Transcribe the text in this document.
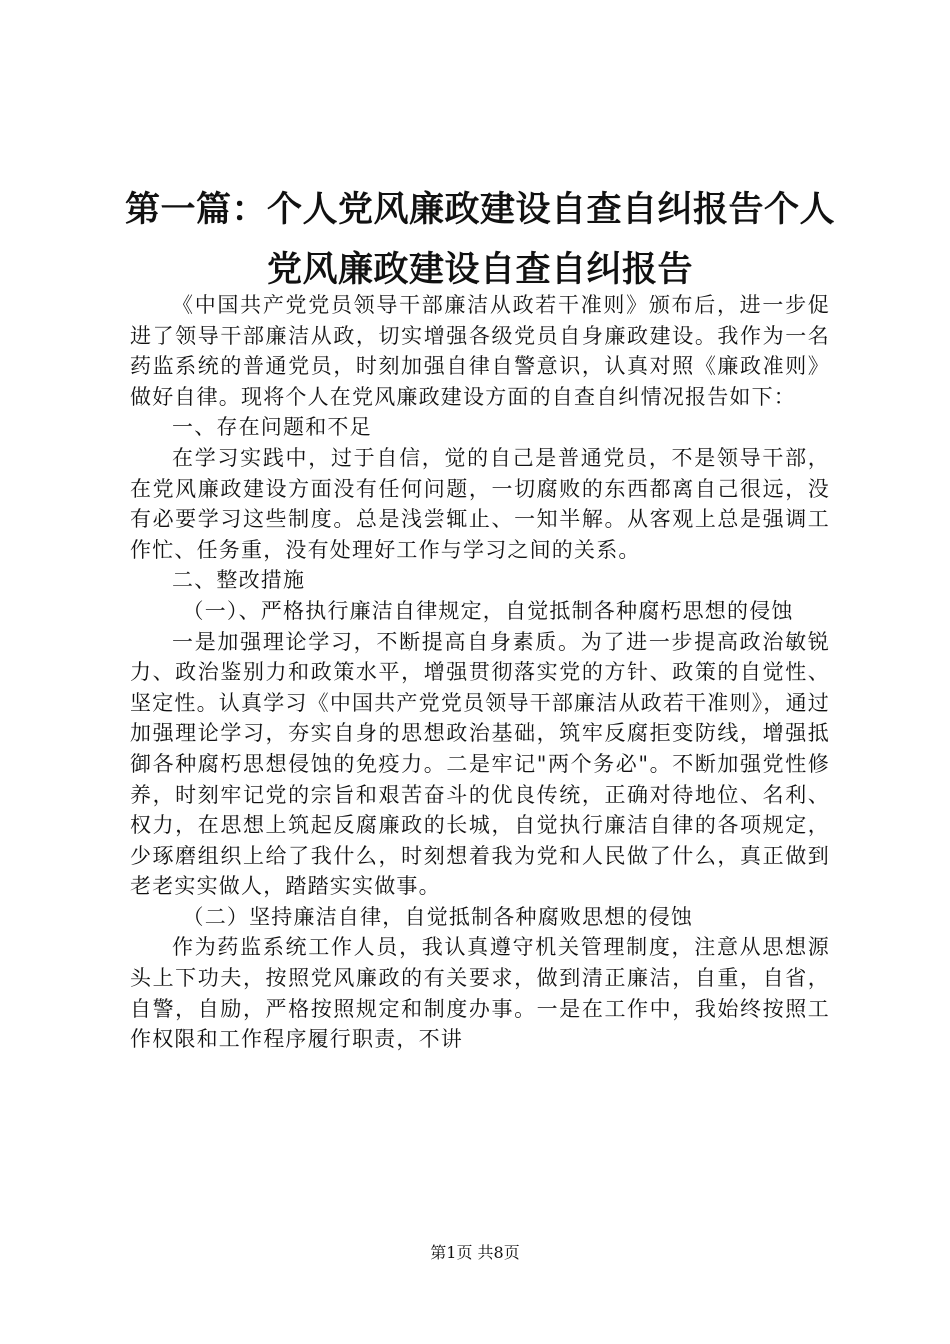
第一篇：个人党风廉政建设自查自纠报告个人党风廉政建设自查自纠报告

《中国共产党党员领导干部廉洁从政若干准则》颁布后，进一步促进了领导干部廉洁从政，切实增强各级党员自身廉政建设。我作为一名药监系统的普通党员，时刻加强自律自警意识，认真对照《廉政准则》做好自律。现将个人在党风廉政建设方面的自查自纠情况报告如下：

一、存在问题和不足

在学习实践中，过于自信，觉的自己是普通党员，不是领导干部，在党风廉政建设方面没有任何问题，一切腐败的东西都离自己很远，没有必要学习这些制度。总是浅尝辄止、一知半解。从客观上总是强调工作忙、任务重，没有处理好工作与学习之间的关系。

二、整改措施

（一）、严格执行廉洁自律规定，自觉抵制各种腐朽思想的侵蚀

一是加强理论学习，不断提高自身素质。为了进一步提高政治敏锐力、政治鉴别力和政策水平，增强贯彻落实党的方针、政策的自觉性、坚定性。认真学习《中国共产党党员领导干部廉洁从政若干准则》，通过加强理论学习，夯实自身的思想政治基础，筑牢反腐拒变防线，增强抵御各种腐朽思想侵蚀的免疫力。二是牢记"两个务必"。不断加强党性修养，时刻牢记党的宗旨和艰苦奋斗的优良传统，正确对待地位、名利、权力，在思想上筑起反腐廉政的长城，自觉执行廉洁自律的各项规定，少琢磨组织上给了我什么，时刻想着我为党和人民做了什么，真正做到老老实实做人，踏踏实实做事。

（二）坚持廉洁自律，自觉抵制各种腐败思想的侵蚀

作为药监系统工作人员，我认真遵守机关管理制度，注意从思想源头上下功夫，按照党风廉政的有关要求，做到清正廉洁，自重，自省，自警，自励，严格按照规定和制度办事。一是在工作中，我始终按照工作权限和工作程序履行职责，不讲

第1页 共8页
